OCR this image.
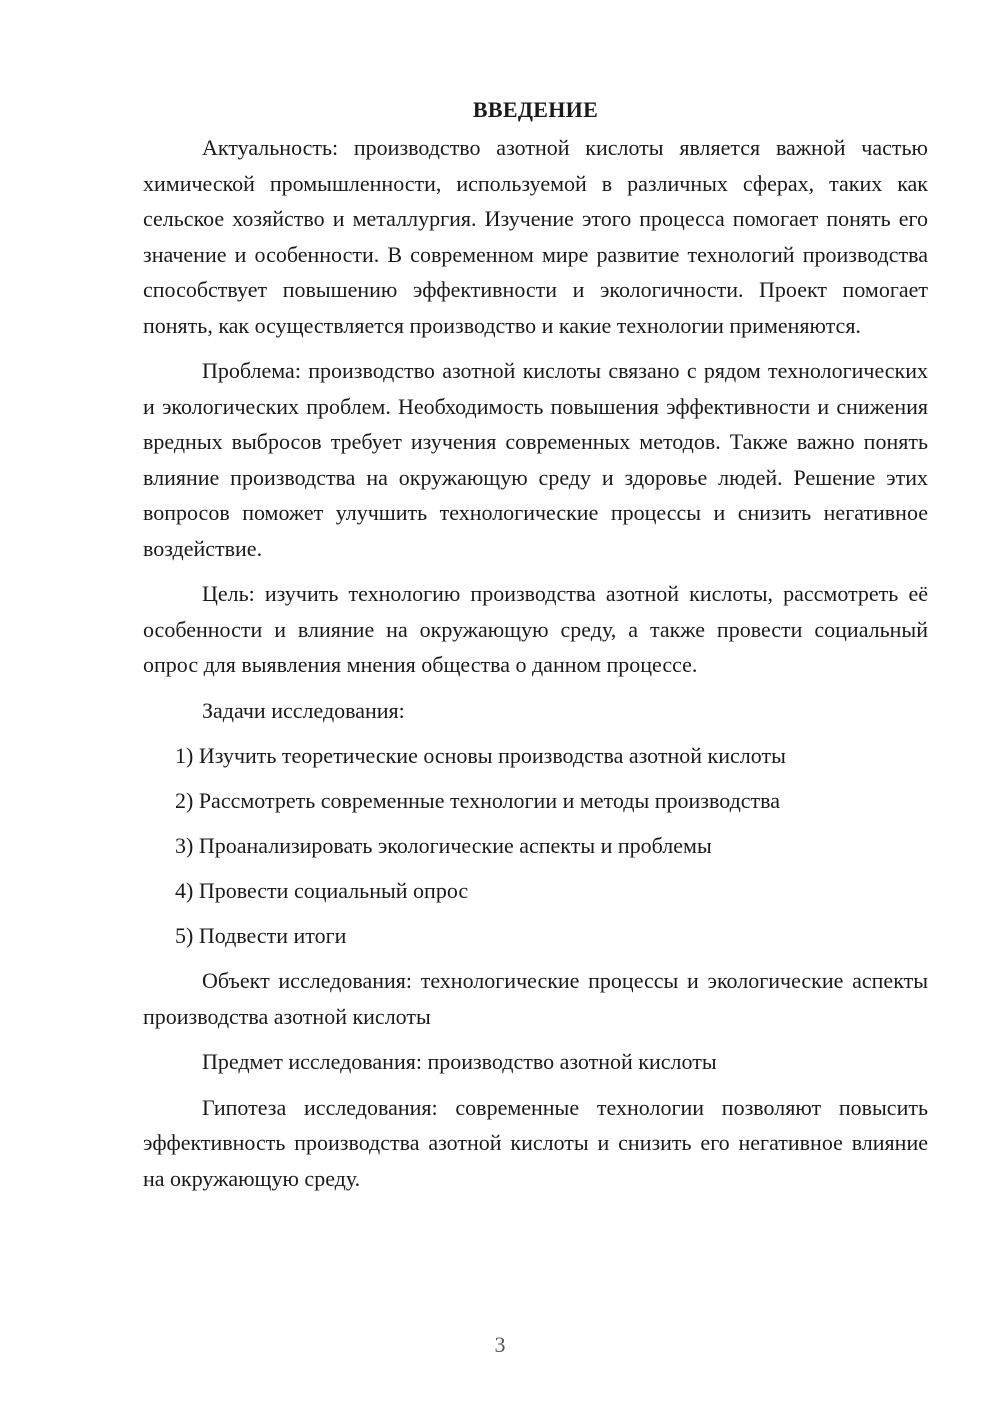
ВВЕДЕНИЕ

Актуальность: производство азотной кислоты является важной частью химической промышленности, используемой в различных сферах, таких как сельское хозяйство и металлургия. Изучение этого процесса помогает понять его значение и особенности. В современном мире развитие технологий производства способствует повышению эффективности и экологичности. Проект помогает понять, как осуществляется производство и какие технологии применяются.

Проблема: производство азотной кислоты связано с рядом технологических и экологических проблем. Необходимость повышения эффективности и снижения вредных выбросов требует изучения современных методов. Также важно понять влияние производства на окружающую среду и здоровье людей. Решение этих вопросов поможет улучшить технологические процессы и снизить негативное воздействие.

Цель: изучить технологию производства азотной кислоты, рассмотреть её особенности и влияние на окружающую среду, а также провести социальный опрос для выявления мнения общества о данном процессе.

Задачи исследования:

1) Изучить теоретические основы производства азотной кислоты
2) Рассмотреть современные технологии и методы производства
3) Проанализировать экологические аспекты и проблемы
4) Провести социальный опрос
5) Подвести итоги

Объект исследования: технологические процессы и экологические аспекты производства азотной кислоты

Предмет исследования: производство азотной кислоты

Гипотеза исследования: современные технологии позволяют повысить эффективность производства азотной кислоты и снизить его негативное влияние на окружающую среду.

3
